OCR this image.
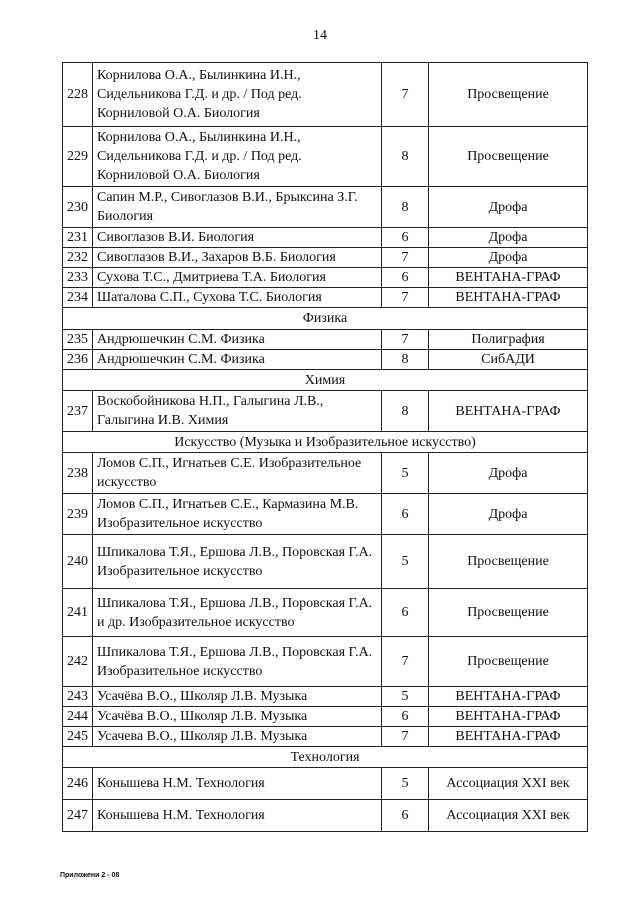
14
228	Корнилова О.А., Былинкина И.Н., Сидельникова Г.Д. и др. / Под ред. Корниловой О.А. Биология	7	Просвещение
229	Корнилова О.А., Былинкина И.Н., Сидельникова Г.Д. и др. / Под ред. Корниловой О.А. Биология	8	Просвещение
230	Сапин М.Р., Сивоглазов В.И., Брыксина З.Г. Биология	8	Дрофа
231	Сивоглазов В.И. Биология	6	Дрофа
232	Сивоглазов В.И., Захаров В.Б. Биология	7	Дрофа
233	Сухова Т.С., Дмитриева Т.А. Биология	6	ВЕНТАНА-ГРАФ
234	Шаталова С.П., Сухова Т.С. Биология	7	ВЕНТАНА-ГРАФ
Физика			
235	Андрюшечкин С.М. Физика	7	Полиграфия
236	Андрюшечкин С.М. Физика	8	СибАДИ
Химия			
237	Воскобойникова Н.П., Галыгина Л.В., Галыгина И.В. Химия	8	ВЕНТАНА-ГРАФ
Искусство (Музыка и Изобразительное искусство)			
238	Ломов С.П., Игнатьев С.Е. Изобразительное искусство	5	Дрофа
239	Ломов С.П., Игнатьев С.Е., Кармазина М.В. Изобразительное искусство	6	Дрофа
240	Шпикалова Т.Я., Ершова Л.В., Поровская Г.А. Изобразительное искусство	5	Просвещение
241	Шпикалова Т.Я., Ершова Л.В., Поровская Г.А. и др. Изобразительное искусство	6	Просвещение
242	Шпикалова Т.Я., Ершова Л.В., Поровская Г.А. Изобразительное искусство	7	Просвещение
243	Усачёва В.О., Школяр Л.В. Музыка	5	ВЕНТАНА-ГРАФ
244	Усачёва В.О., Школяр Л.В. Музыка	6	ВЕНТАНА-ГРАФ
245	Усачева В.О., Школяр Л.В. Музыка	7	ВЕНТАНА-ГРАФ
Технология			
246	Конышева Н.М. Технология	5	Ассоциация XXI век
247	Конышева Н.М. Технология	6	Ассоциация XXI век
Приложени 2 - 08
